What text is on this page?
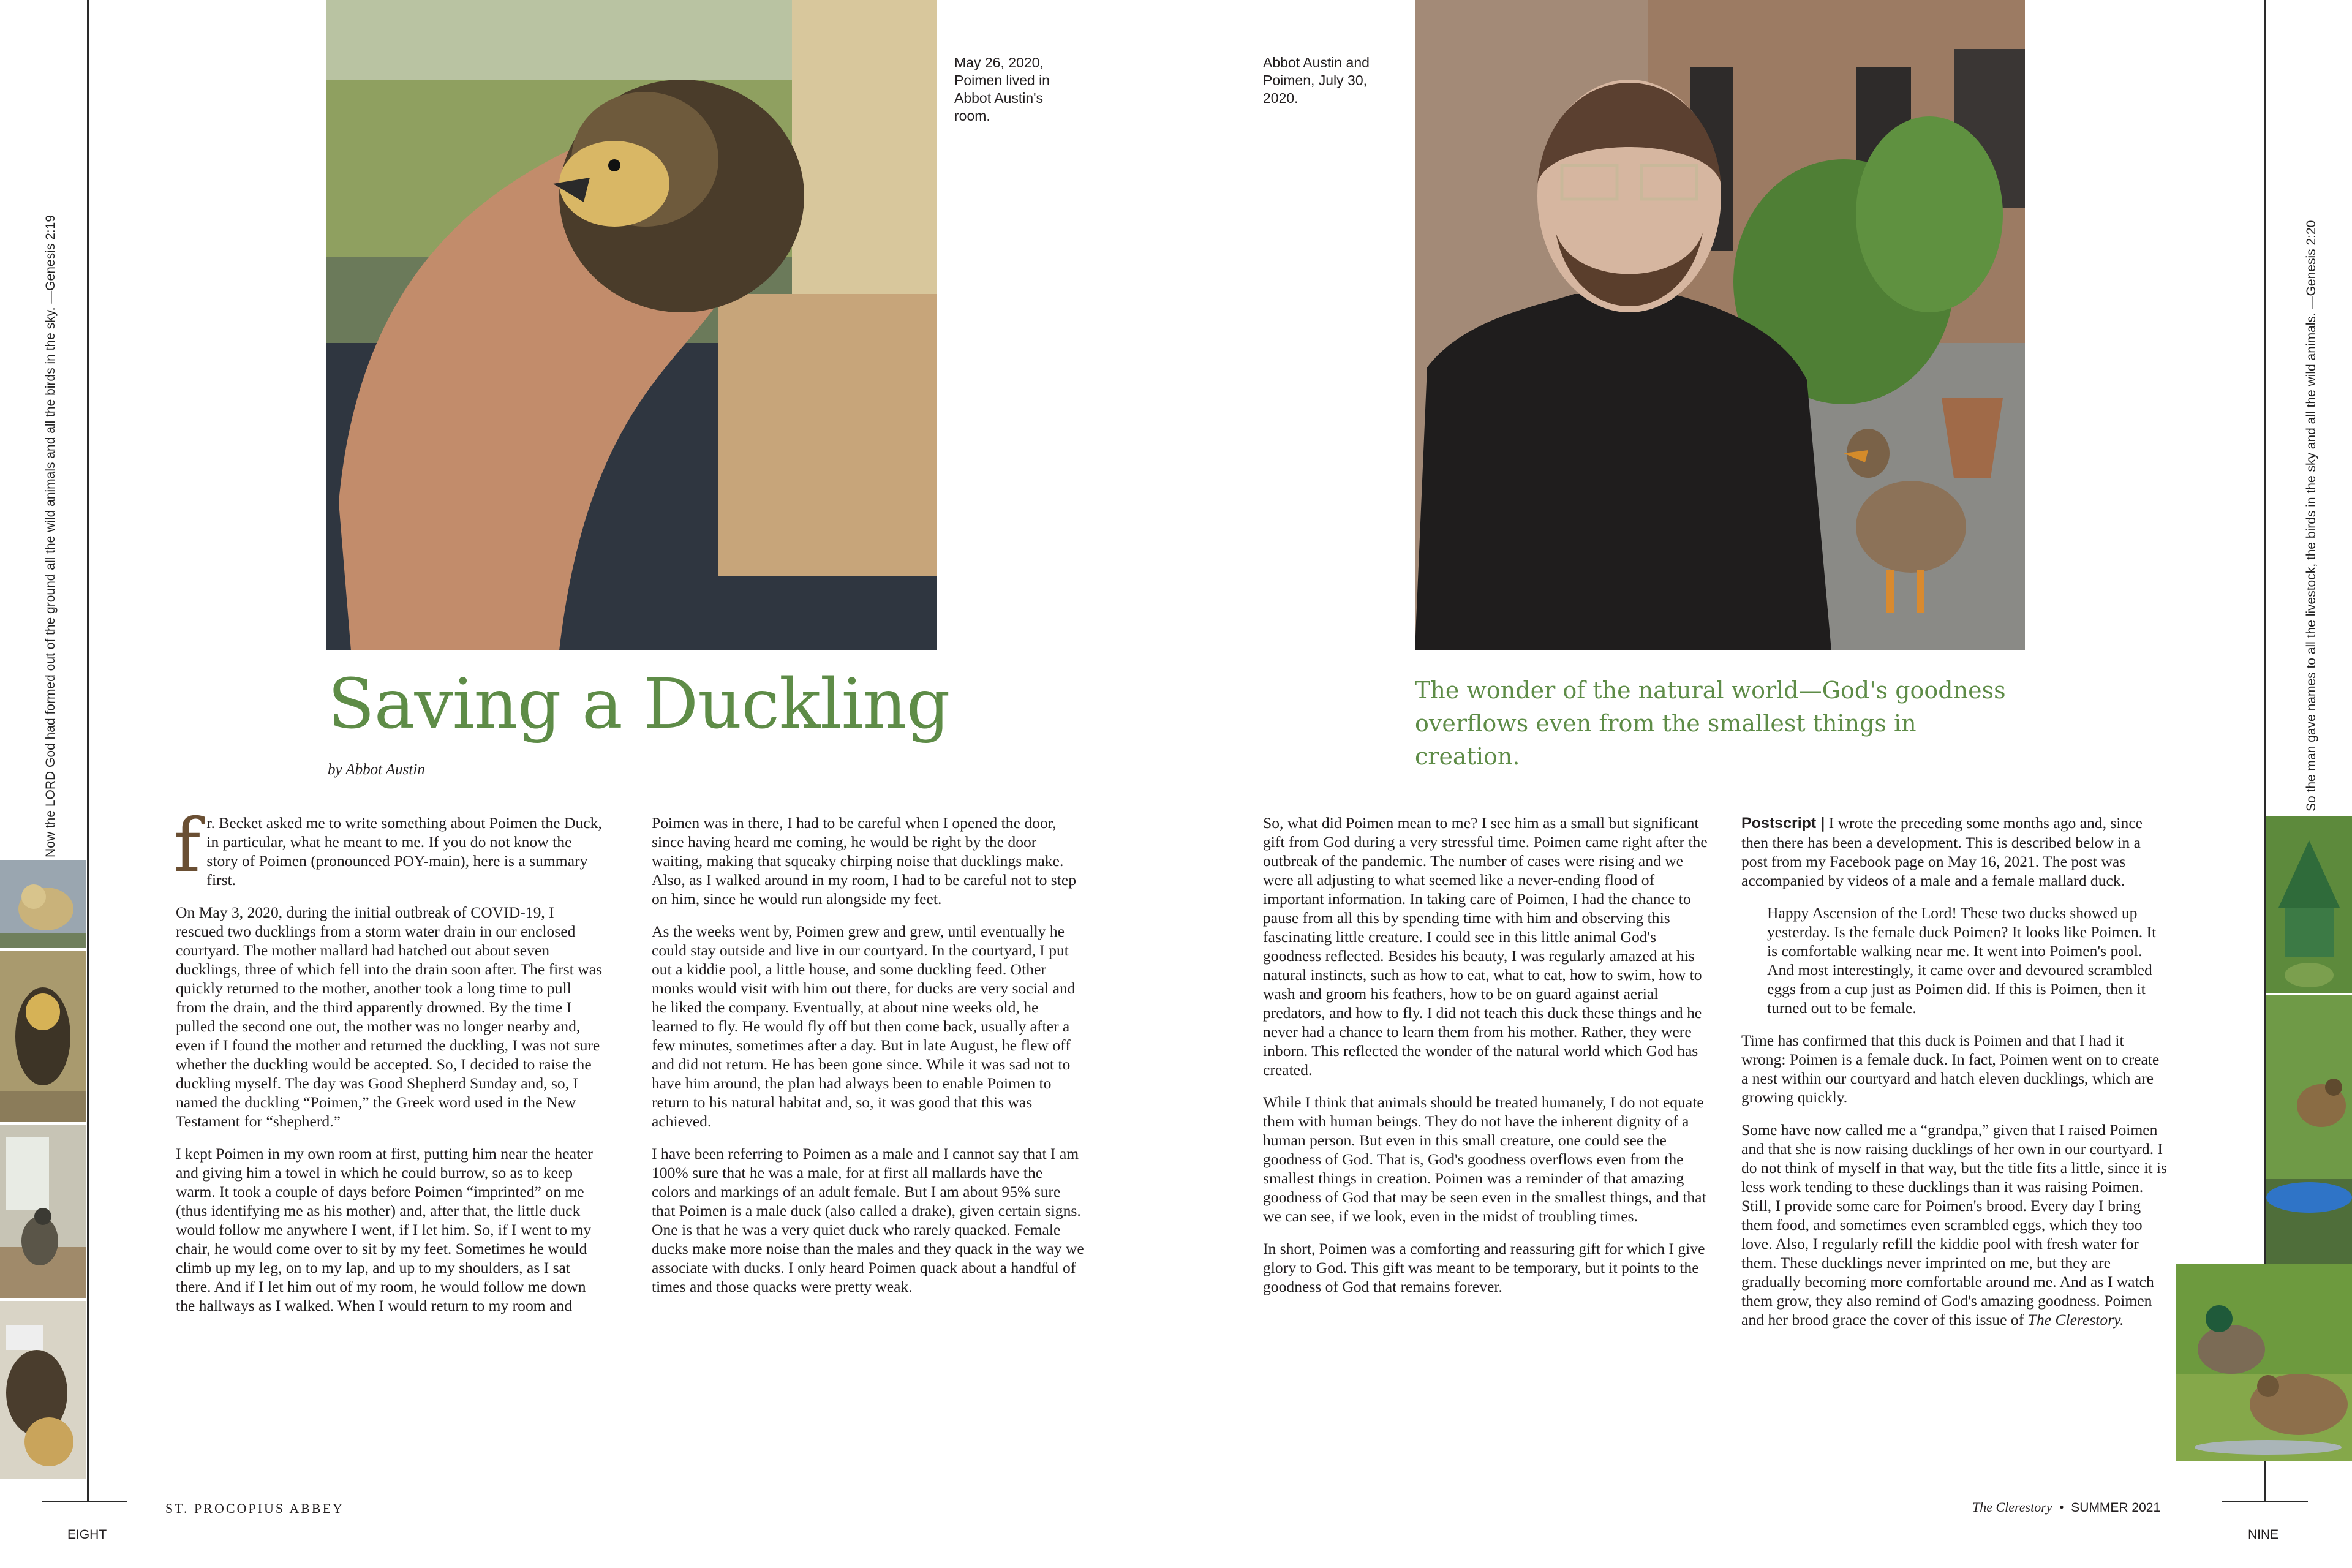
Now the LORD God had formed out of the ground all the wild animals and all the birds in the sky. —Genesis 2:19	So the man gave names to all the livestock, the birds in the sky and all the wild animals. —Genesis 2:20
May 26, 2020, Poimen lived in Abbot Austin's room.
Abbot Austin and Poimen, July 30, 2020.
Saving a Duckling
by Abbot Austin
The wonder of the natural world—God's goodness overflows even from the smallest things in creation.

fr. Becket asked me to write something about Poimen the Duck, in particular, what he meant to me. If you do not know the story of Poimen (pronounced POY-main), here is a summary first.

On May 3, 2020, during the initial outbreak of COVID-19, I rescued two ducklings from a storm water drain in our enclosed courtyard. The mother mallard had hatched out about seven ducklings, three of which fell into the drain soon after. The first was quickly returned to the mother, another took a long time to pull from the drain, and the third apparently drowned. By the time I pulled the second one out, the mother was no longer nearby and, even if I found the mother and returned the duckling, I was not sure whether the duckling would be accepted. So, I decided to raise the duckling myself. The day was Good Shepherd Sunday and, so, I named the duckling “Poimen,” the Greek word used in the New Testament for “shepherd.”

I kept Poimen in my own room at first, putting him near the heater and giving him a towel in which he could burrow, so as to keep warm. It took a couple of days before Poimen “imprinted” on me (thus identifying me as his mother) and, after that, the little duck would follow me anywhere I went, if I let him. So, if I went to my chair, he would come over to sit by my feet. Sometimes he would climb up my leg, on to my lap, and up to my shoulders, as I sat there. And if I let him out of my room, he would follow me down the hallways as I walked. When I would return to my room and

Poimen was in there, I had to be careful when I opened the door, since having heard me coming, he would be right by the door waiting, making that squeaky chirping noise that ducklings make. Also, as I walked around in my room, I had to be careful not to step on him, since he would run alongside my feet.

As the weeks went by, Poimen grew and grew, until eventually he could stay outside and live in our courtyard. In the courtyard, I put out a kiddie pool, a little house, and some duckling feed. Other monks would visit with him out there, for ducks are very social and he liked the company. Eventually, at about nine weeks old, he learned to fly. He would fly off but then come back, usually after a few minutes, sometimes after a day. But in late August, he flew off and did not return. He has been gone since. While it was sad not to have him around, the plan had always been to enable Poimen to return to his natural habitat and, so, it was good that this was achieved.

I have been referring to Poimen as a male and I cannot say that I am 100% sure that he was a male, for at first all mallards have the colors and markings of an adult female. But I am about 95% sure that Poimen is a male duck (also called a drake), given certain signs. One is that he was a very quiet duck who rarely quacked. Female ducks make more noise than the males and they quack in the way we associate with ducks. I only heard Poimen quack about a handful of times and those quacks were pretty weak.

So, what did Poimen mean to me? I see him as a small but significant gift from God during a very stressful time. Poimen came right after the outbreak of the pandemic. The number of cases were rising and we were all adjusting to what seemed like a never-ending flood of important information. In taking care of Poimen, I had the chance to pause from all this by spending time with him and observing this fascinating little creature. I could see in this little animal God's goodness reflected. Besides his beauty, I was regularly amazed at his natural instincts, such as how to eat, what to eat, how to swim, how to wash and groom his feathers, how to be on guard against aerial predators, and how to fly. I did not teach this duck these things and he never had a chance to learn them from his mother. Rather, they were inborn. This reflected the wonder of the natural world which God has created.

While I think that animals should be treated humanely, I do not equate them with human beings. They do not have the inherent dignity of a human person. But even in this small creature, one could see the goodness of God. That is, God's goodness overflows even from the smallest things in creation. Poimen was a reminder of that amazing goodness of God that may be seen even in the smallest things, and that we can see, if we look, even in the midst of troubling times.

In short, Poimen was a comforting and reassuring gift for which I give glory to God. This gift was meant to be temporary, but it points to the goodness of God that remains forever.

Postscript | I wrote the preceding some months ago and, since then there has been a development. This is described below in a post from my Facebook page on May 16, 2021. The post was accompanied by videos of a male and a female mallard duck.

Happy Ascension of the Lord! These two ducks showed up yesterday. Is the female duck Poimen? It looks like Poimen. It is comfortable walking near me. It went into Poimen's pool. And most interestingly, it came over and devoured scrambled eggs from a cup just as Poimen did. If this is Poimen, then it turned out to be female.

Time has confirmed that this duck is Poimen and that I had it wrong: Poimen is a female duck. In fact, Poimen went on to create a nest within our courtyard and hatch eleven ducklings, which are growing quickly.

Some have now called me a “grandpa,” given that I raised Poimen and that she is now raising ducklings of her own in our courtyard. I do not think of myself in that way, but the title fits a little, since it is less work tending to these ducklings than it was raising Poimen. Still, I provide some care for Poimen's brood. Every day I bring them food, and sometimes even scrambled eggs, which they too love. Also, I regularly refill the kiddie pool with fresh water for them. These ducklings never imprinted on me, but they are gradually becoming more comfortable around me. And as I watch them grow, they also remind of God's amazing goodness. Poimen and her brood grace the cover of this issue of The Clerestory.

EIGHT
ST. PROCOPIUS ABBEY
NINE
The Clerestory • SUMMER 2021
